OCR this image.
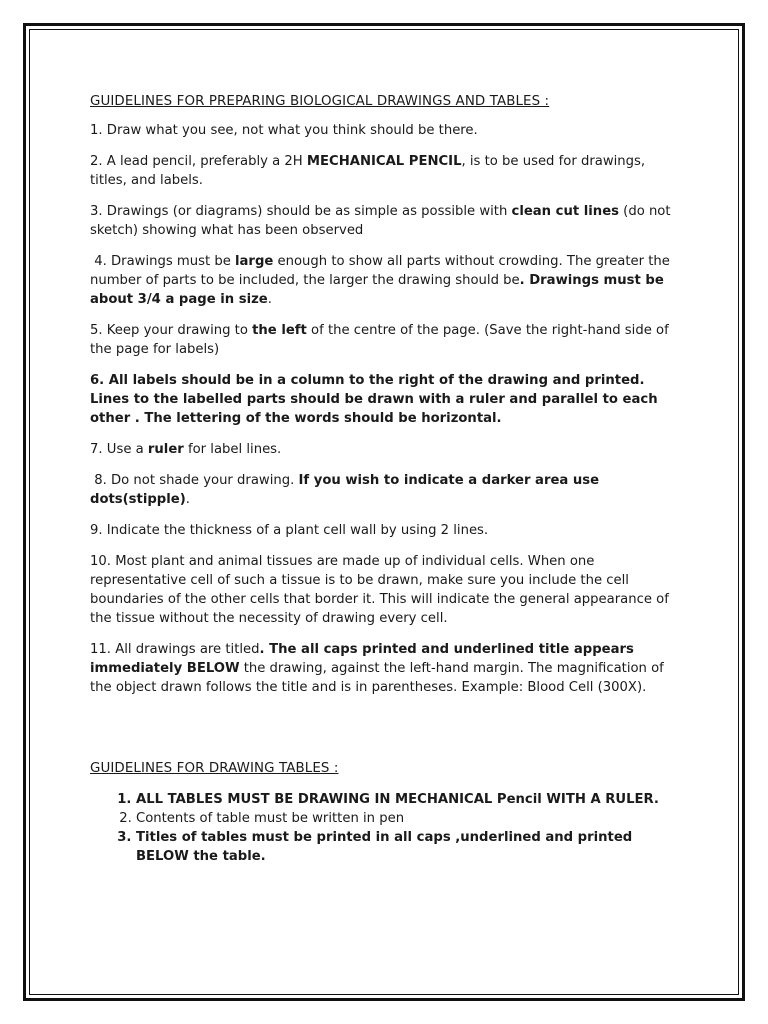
GUIDELINES FOR PREPARING BIOLOGICAL DRAWINGS AND TABLES :

1. Draw what you see, not what you think should be there.

2. A lead pencil, preferably a 2H MECHANICAL PENCIL, is to be used for drawings, titles, and labels.

3. Drawings (or diagrams) should be as simple as possible with clean cut lines (do not sketch) showing what has been observed

4. Drawings must be large enough to show all parts without crowding. The greater the number of parts to be included, the larger the drawing should be. Drawings must be about 3/4 a page in size.

5. Keep your drawing to the left of the centre of the page. (Save the right-hand side of the page for labels)

6. All labels should be in a column to the right of the drawing and printed. Lines to the labelled parts should be drawn with a ruler and parallel to each other . The lettering of the words should be horizontal.

7. Use a ruler for label lines.

8. Do not shade your drawing. If you wish to indicate a darker area use dots(stipple).

9. Indicate the thickness of a plant cell wall by using 2 lines.

10. Most plant and animal tissues are made up of individual cells. When one representative cell of such a tissue is to be drawn, make sure you include the cell boundaries of the other cells that border it. This will indicate the general appearance of the tissue without the necessity of drawing every cell.

11. All drawings are titled. The all caps printed and underlined title appears immediately BELOW the drawing, against the left-hand margin. The magnification of the object drawn follows the title and is in parentheses. Example: Blood Cell (300X).

GUIDELINES FOR DRAWING TABLES :
1. ALL TABLES MUST BE DRAWING IN MECHANICAL Pencil WITH A RULER.
2. Contents of table must be written in pen
3. Titles of tables must be printed in all caps ,underlined and printed BELOW the table.
